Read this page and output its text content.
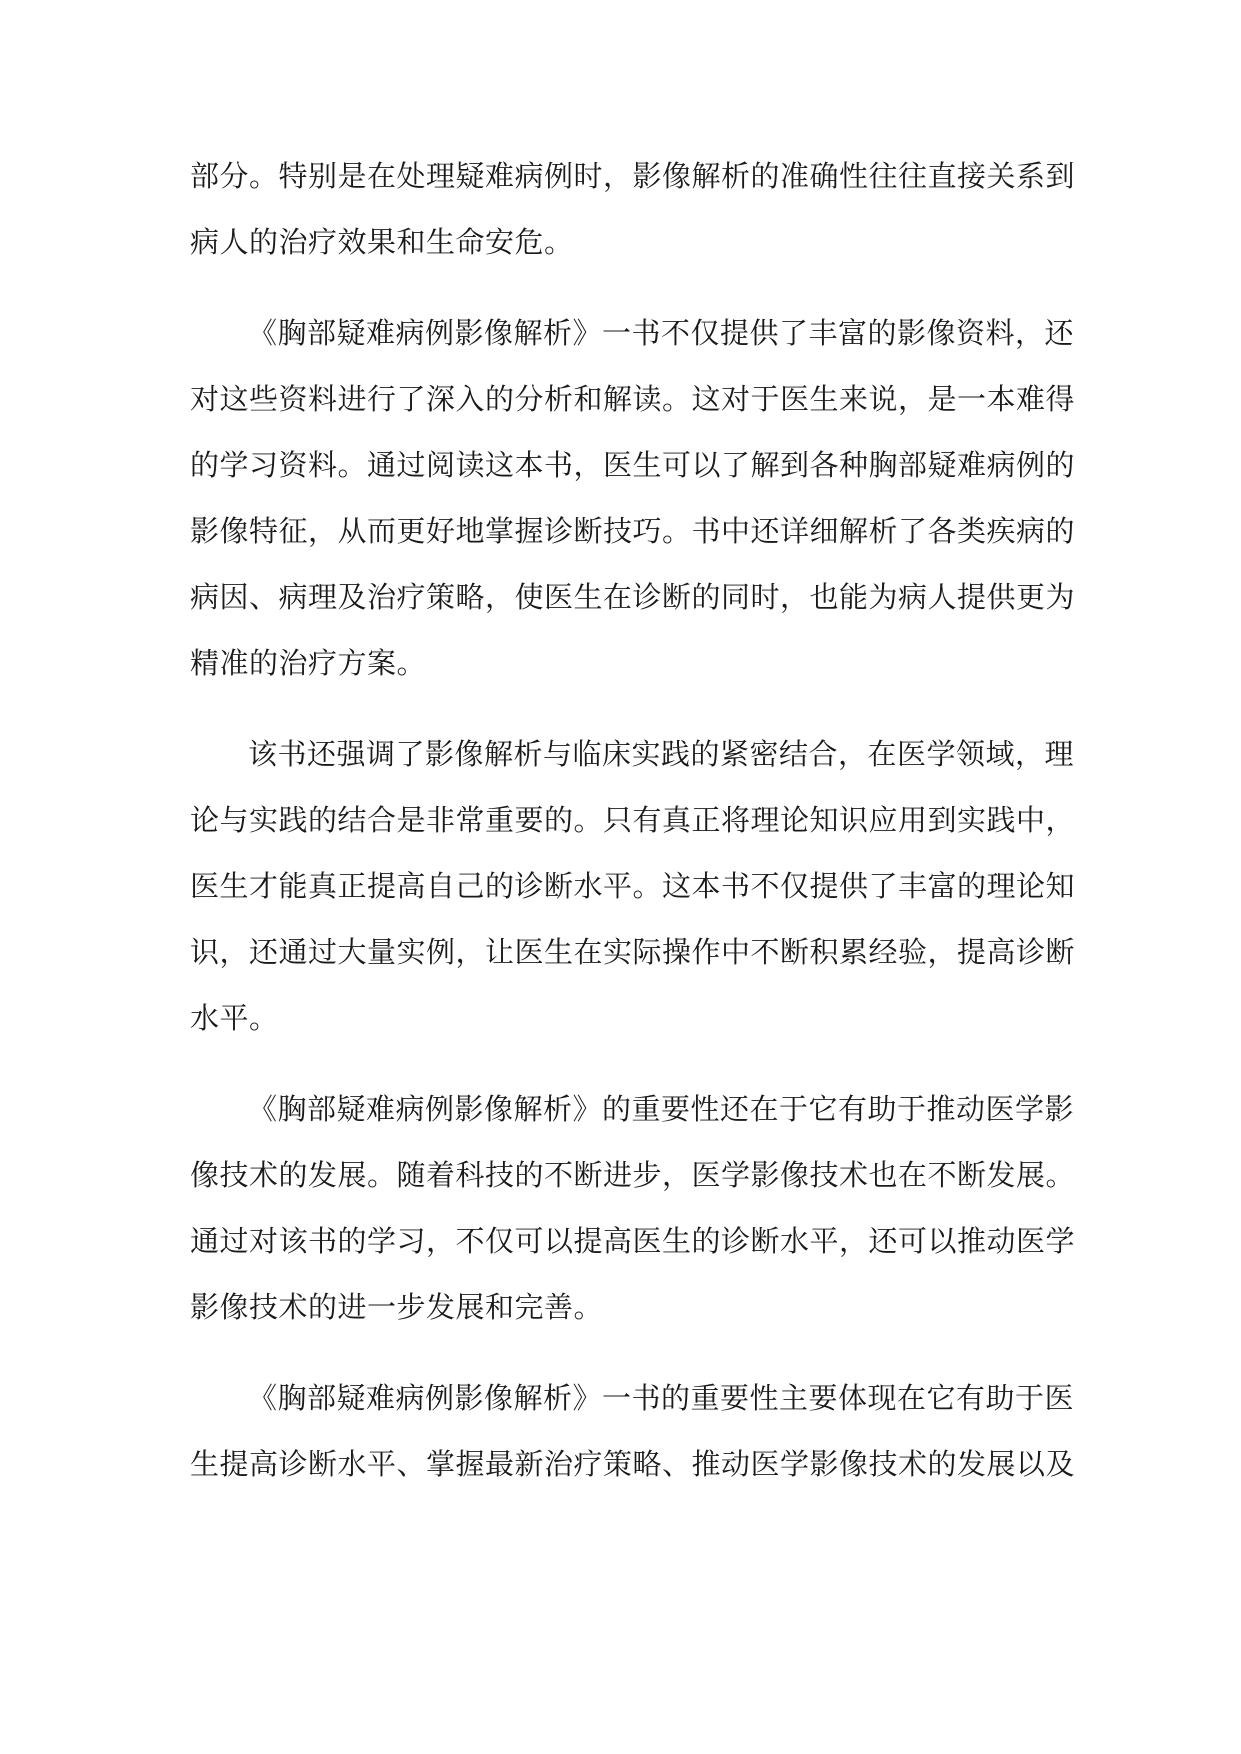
部分。特别是在处理疑难病例时，影像解析的准确性往往直接关系到
病人的治疗效果和生命安危。
《胸部疑难病例影像解析》一书不仅提供了丰富的影像资料，还
对这些资料进行了深入的分析和解读。这对于医生来说，是一本难得
的学习资料。通过阅读这本书，医生可以了解到各种胸部疑难病例的
影像特征，从而更好地掌握诊断技巧。书中还详细解析了各类疾病的
病因、病理及治疗策略，使医生在诊断的同时，也能为病人提供更为
精准的治疗方案。
该书还强调了影像解析与临床实践的紧密结合，在医学领域，理
论与实践的结合是非常重要的。只有真正将理论知识应用到实践中，
医生才能真正提高自己的诊断水平。这本书不仅提供了丰富的理论知
识，还通过大量实例，让医生在实际操作中不断积累经验，提高诊断
水平。
《胸部疑难病例影像解析》的重要性还在于它有助于推动医学影
像技术的发展。随着科技的不断进步，医学影像技术也在不断发展。
通过对该书的学习，不仅可以提高医生的诊断水平，还可以推动医学
影像技术的进一步发展和完善。
《胸部疑难病例影像解析》一书的重要性主要体现在它有助于医
生提高诊断水平、掌握最新治疗策略、推动医学影像技术的发展以及
